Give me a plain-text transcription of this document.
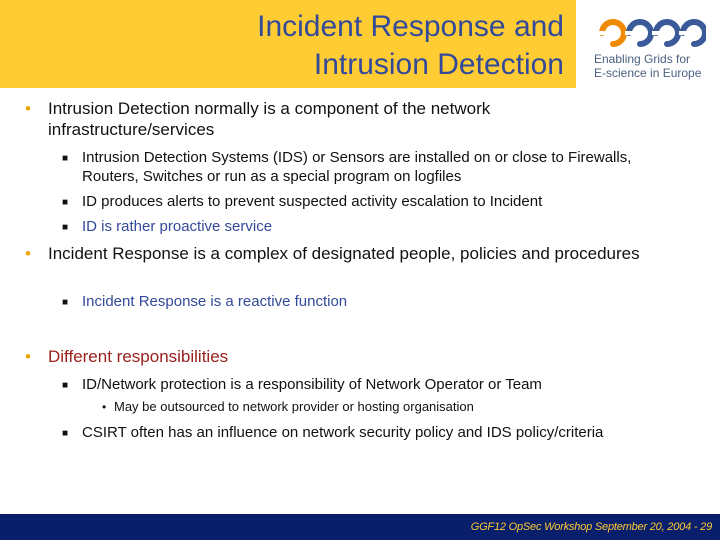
Incident Response and
Intrusion Detection	Enabling Grids for
E-science in Europe
• Intrusion Detection normally is a component of the network infrastructure/services
■ Intrusion Detection Systems (IDS) or Sensors are installed on or close to Firewalls, Routers, Switches or run as a special program on logfiles
■ ID produces alerts to prevent suspected activity escalation to Incident
■ ID is rather proactive service
• Incident Response is a complex of designated people, policies and procedures
■ Incident Response is a reactive function
• Different responsibilities
■ ID/Network protection is a responsibility of Network Operator or Team
• May be outsourced to network provider or hosting organisation
■ CSIRT often has an influence on network security policy and IDS policy/criteria
GGF12 OpSec Workshop September 20, 2004 - 29
